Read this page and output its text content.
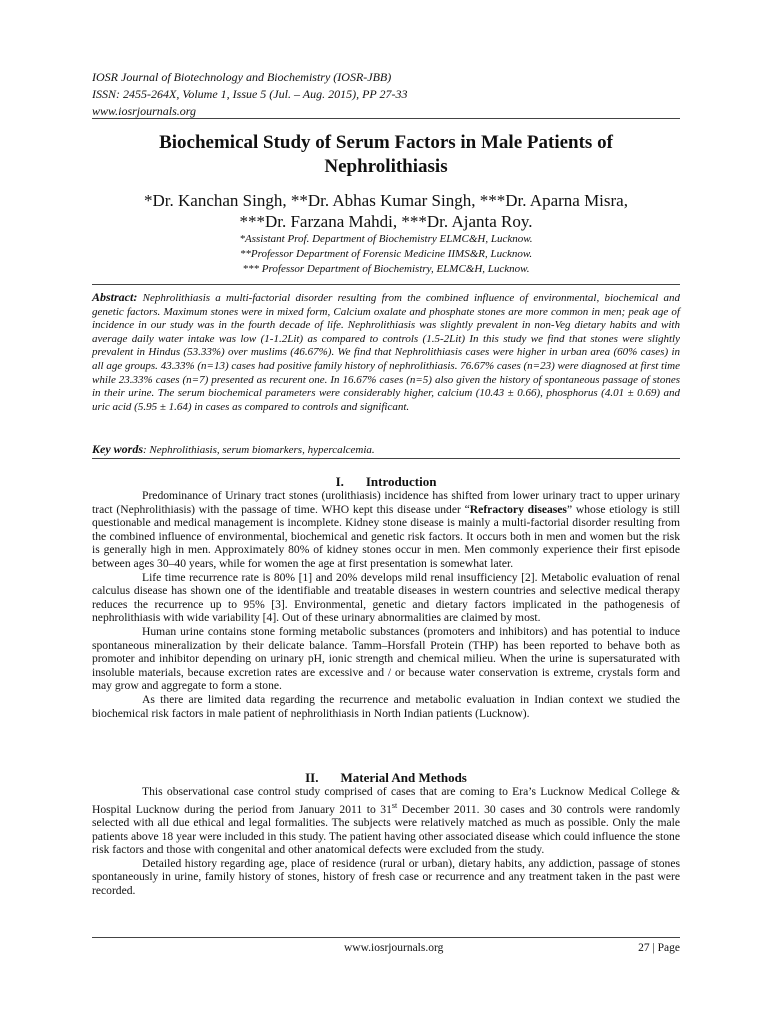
IOSR Journal of Biotechnology and Biochemistry (IOSR-JBB)
ISSN: 2455-264X, Volume 1, Issue 5 (Jul. – Aug. 2015), PP 27-33
www.iosrjournals.org
Biochemical Study of Serum Factors in Male Patients of
Nephrolithiasis
*Dr. Kanchan Singh, **Dr. Abhas Kumar Singh, ***Dr. Aparna Misra,
***Dr. Farzana Mahdi, ***Dr. Ajanta Roy.
*Assistant Prof. Department of Biochemistry ELMC&H, Lucknow.
**Professor Department of Forensic Medicine IIMS&R, Lucknow.
*** Professor Department of Biochemistry, ELMC&H, Lucknow.
Abstract: Nephrolithiasis a multi-factorial disorder resulting from the combined influence of environmental, biochemical and genetic factors. Maximum stones were in mixed form, Calcium oxalate and phosphate stones are more common in men; peak age of incidence in our study was in the fourth decade of life. Nephrolithiasis was slightly prevalent in non-Veg dietary habits and with average daily water intake was low (1-1.2Lit) as compared to controls (1.5-2Lit) In this study we find that stones were slightly prevalent in Hindus (53.33%) over muslims (46.67%). We find that Nephrolithiasis cases were higher in urban area (60% cases) in all age groups. 43.33% (n=13) cases had positive family history of nephrolithiasis. 76.67% cases (n=23) were diagnosed at first time while 23.33% cases (n=7) presented as recurent one. In 16.67% cases (n=5) also given the history of spontaneous passage of stones in their urine. The serum biochemical parameters were considerably higher, calcium (10.43 ± 0.66), phosphorus (4.01 ± 0.69) and uric acid (5.95 ± 1.64) in cases as compared to controls and significant.
Key words: Nephrolithiasis, serum biomarkers, hypercalcemia.
I. Introduction

Predominance of Urinary tract stones (urolithiasis) incidence has shifted from lower urinary tract to upper urinary tract (Nephrolithiasis) with the passage of time. WHO kept this disease under “Refractory diseases” whose etiology is still questionable and medical management is incomplete. Kidney stone disease is mainly a multi-factorial disorder resulting from the combined influence of environmental, biochemical and genetic risk factors. It occurs both in men and women but the risk is generally high in men. Approximately 80% of kidney stones occur in men. Men commonly experience their first episode between ages 30–40 years, while for women the age at first presentation is somewhat later.

Life time recurrence rate is 80% [1] and 20% develops mild renal insufficiency [2]. Metabolic evaluation of renal calculus disease has shown one of the identifiable and treatable diseases in western countries and selective medical therapy reduces the recurrence up to 95% [3]. Environmental, genetic and dietary factors implicated in the pathogenesis of nephrolithiasis with wide variability [4]. Out of these urinary abnormalities are claimed by most.

Human urine contains stone forming metabolic substances (promoters and inhibitors) and has potential to induce spontaneous mineralization by their delicate balance. Tamm–Horsfall Protein (THP) has been reported to behave both as promoter and inhibitor depending on urinary pH, ionic strength and chemical milieu. When the urine is supersaturated with insoluble materials, because excretion rates are excessive and / or because water conservation is extreme, crystals form and may grow and aggregate to form a stone.

As there are limited data regarding the recurrence and metabolic evaluation in Indian context we studied the biochemical risk factors in male patient of nephrolithiasis in North Indian patients (Lucknow).

II. Material And Methods

This observational case control study comprised of cases that are coming to Era’s Lucknow Medical College & Hospital Lucknow during the period from January 2011 to 31st December 2011. 30 cases and 30 controls were randomly selected with all due ethical and legal formalities. The subjects were relatively matched as much as possible. Only the male patients above 18 year were included in this study. The patient having other associated disease which could influence the stone risk factors and those with congenital and other anatomical defects were excluded from the study.

Detailed history regarding age, place of residence (rural or urban), dietary habits, any addiction, passage of stones spontaneously in urine, family history of stones, history of fresh case or recurrence and any treatment taken in the past were recorded.

www.iosrjournals.org	27 | Page
